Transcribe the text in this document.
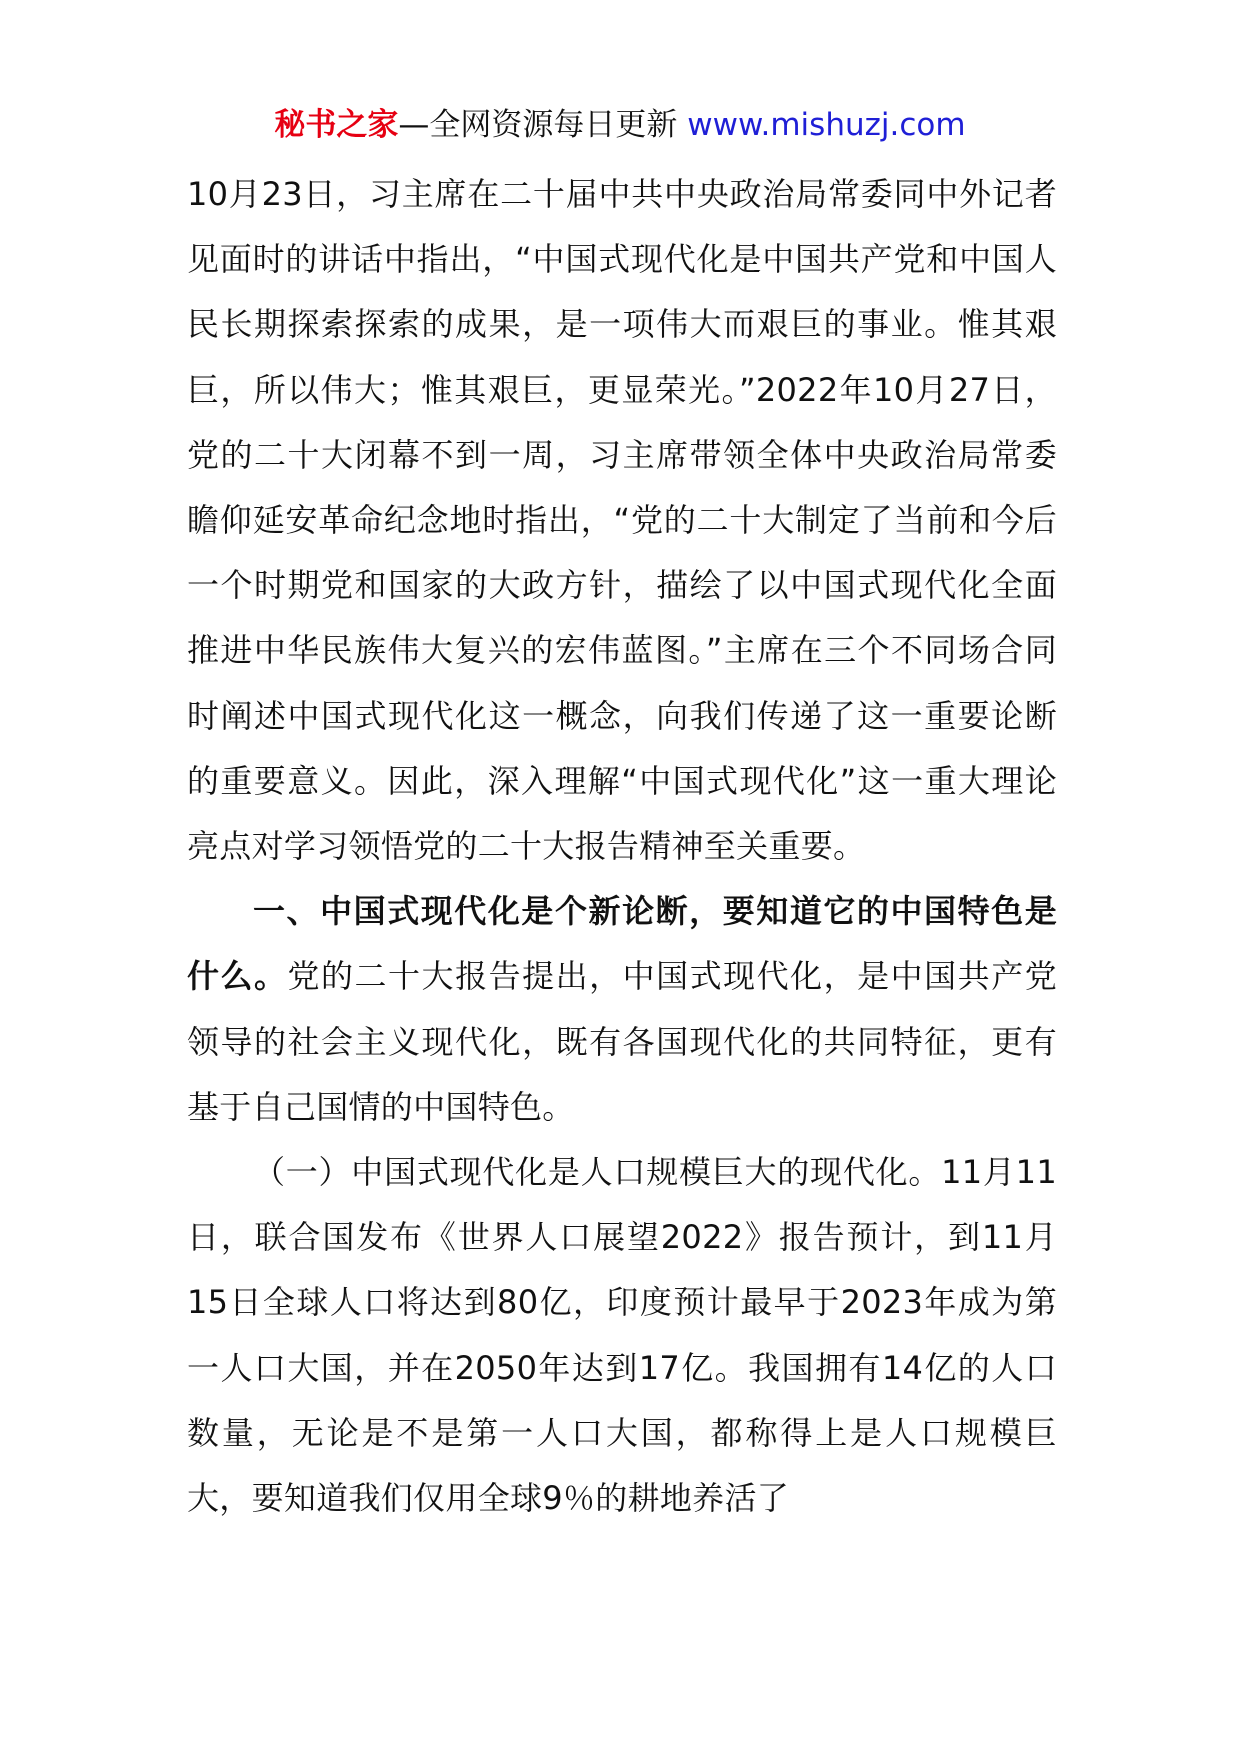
秘书之家—全网资源每日更新 www.mishuzj.com

10月23日，习主席在二十届中共中央政治局常委同中外记者见面时的讲话中指出，“中国式现代化是中国共产党和中国人民长期探索探索的成果，是一项伟大而艰巨的事业。惟其艰巨，所以伟大；惟其艰巨，更显荣光。”2022年10月27日，党的二十大闭幕不到一周，习主席带领全体中央政治局常委瞻仰延安革命纪念地时指出，“党的二十大制定了当前和今后一个时期党和国家的大政方针，描绘了以中国式现代化全面推进中华民族伟大复兴的宏伟蓝图。”主席在三个不同场合同时阐述中国式现代化这一概念，向我们传递了这一重要论断的重要意义。因此，深入理解“中国式现代化”这一重大理论亮点对学习领悟党的二十大报告精神至关重要。

一、中国式现代化是个新论断，要知道它的中国特色是什么。党的二十大报告提出，中国式现代化，是中国共产党领导的社会主义现代化，既有各国现代化的共同特征，更有基于自己国情的中国特色。

（一）中国式现代化是人口规模巨大的现代化。11月11日，联合国发布《世界人口展望2022》报告预计，到11月15日全球人口将达到80亿，印度预计最早于2023年成为第一人口大国，并在2050年达到17亿。我国拥有14亿的人口数量，无论是不是第一人口大国，都称得上是人口规模巨大，要知道我们仅用全球9％的耕地养活了
